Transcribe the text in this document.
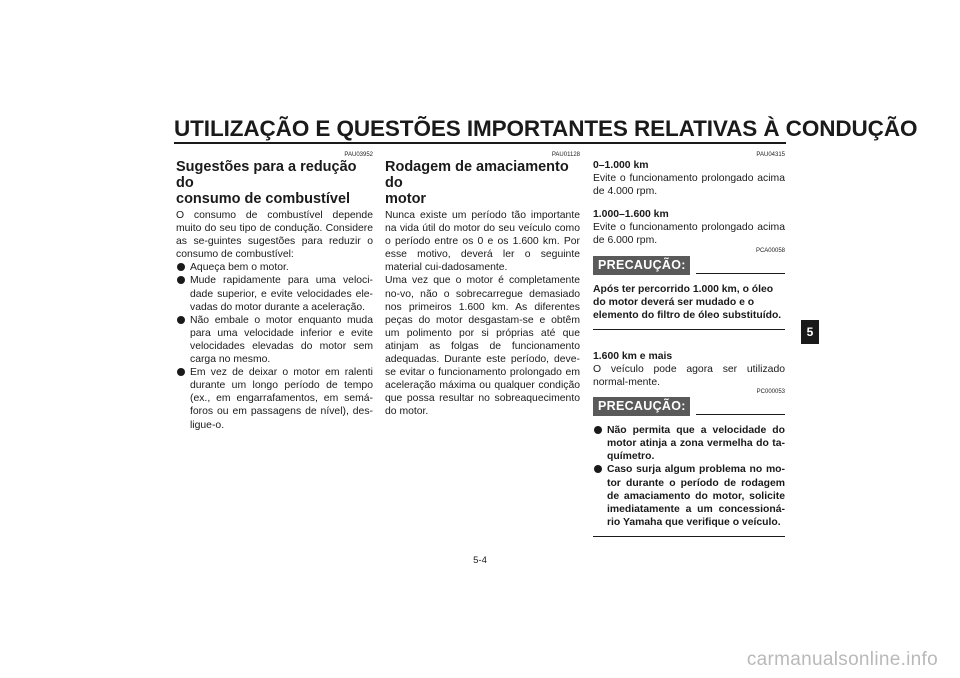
UTILIZAÇÃO E QUESTÕES IMPORTANTES RELATIVAS À CONDUÇÃO
PAU03952
Sugestões para a redução do
consumo de combustível

O consumo de combustível depende muito do seu tipo de condução. Considere as se-guintes sugestões para reduzir o consumo de combustível:

Aqueça bem o motor.
Mude rapidamente para uma veloci-dade superior, e evite velocidades ele-vadas do motor durante a aceleração.
Não embale o motor enquanto muda para uma velocidade inferior e evite velocidades elevadas do motor sem carga no mesmo.
Em vez de deixar o motor em ralenti durante um longo período de tempo (ex., em engarrafamentos, em semá-foros ou em passagens de nível), des-ligue-o.
PAU01128
Rodagem de amaciamento do
motor

Nunca existe um período tão importante na vida útil do motor do seu veículo como o período entre os 0 e os 1.600 km. Por esse motivo, deverá ler o seguinte material cui-dadosamente.

Uma vez que o motor é completamente no-vo, não o sobrecarregue demasiado nos primeiros 1.600 km. As diferentes peças do motor desgastam-se e obtêm um polimento por si próprias até que atinjam as folgas de funcionamento adequadas. Durante este período, deve-se evitar o funcionamento prolongado em aceleração máxima ou qualquer condição que possa resultar no sobreaquecimento do motor.

PAU04315
0–1.000 km

Evite o funcionamento prolongado acima de 4.000 rpm.

1.000–1.600 km

Evite o funcionamento prolongado acima de 6.000 rpm.

PCA00058
PRECAUÇÃO:
Após ter percorrido 1.000 km, o óleo do motor deverá ser mudado e o elemento do filtro de óleo substituído.
1.600 km e mais

O veículo pode agora ser utilizado normal-mente.

PC000053
PRECAUÇÃO:
Não permita que a velocidade do motor atinja a zona vermelha do ta-químetro.
Caso surja algum problema no mo-tor durante o período de rodagem de amaciamento do motor, solicite imediatamente a um concessioná-rio Yamaha que verifique o veículo.
5
5-4
carmanualsonline.info
